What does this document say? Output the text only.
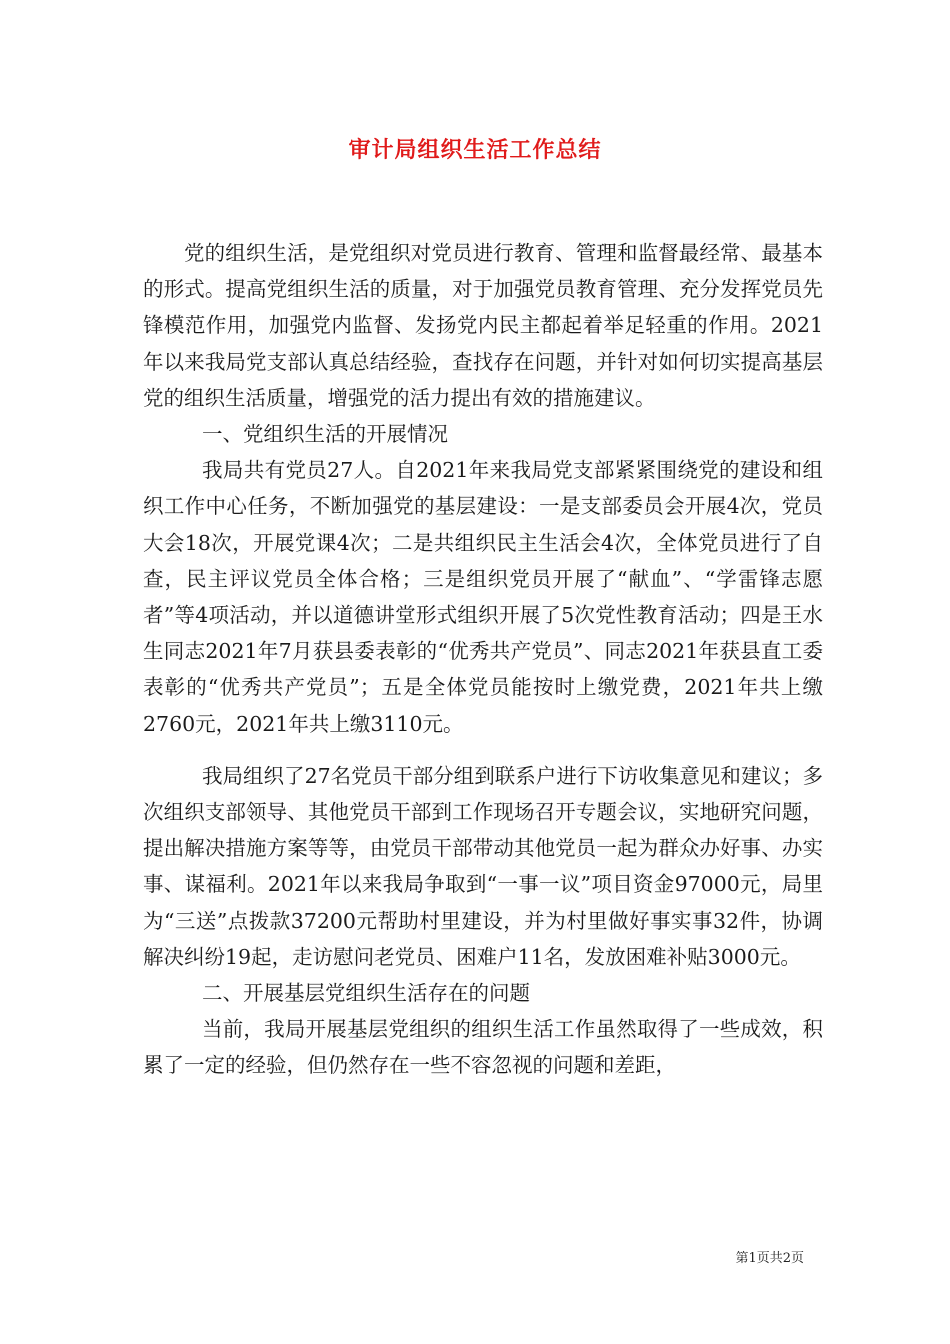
审计局组织生活工作总结

党的组织生活，是党组织对党员进行教育、管理和监督最经常、最基本的形式。提高党组织生活的质量，对于加强党员教育管理、充分发挥党员先锋模范作用，加强党内监督、发扬党内民主都起着举足轻重的作用。2021年以来我局党支部认真总结经验，查找存在问题，并针对如何切实提高基层党的组织生活质量，增强党的活力提出有效的措施建议。

一、党组织生活的开展情况

我局共有党员27人。自2021年来我局党支部紧紧围绕党的建设和组织工作中心任务，不断加强党的基层建设：一是支部委员会开展4次，党员大会18次，开展党课4次；二是共组织民主生活会4次，全体党员进行了自查，民主评议党员全体合格；三是组织党员开展了“献血”、“学雷锋志愿者”等4项活动，并以道德讲堂形式组织开展了5次党性教育活动；四是王水生同志2021年7月获县委表彰的“优秀共产党员”、同志2021年获县直工委表彰的“优秀共产党员”；五是全体党员能按时上缴党费，2021年共上缴2760元，2021年共上缴3110元。

我局组织了27名党员干部分组到联系户进行下访收集意见和建议；多次组织支部领导、其他党员干部到工作现场召开专题会议，实地研究问题，提出解决措施方案等等，由党员干部带动其他党员一起为群众办好事、办实事、谋福利。2021年以来我局争取到“一事一议”项目资金97000元，局里为“三送”点拨款37200元帮助村里建设，并为村里做好事实事32件，协调解决纠纷19起，走访慰问老党员、困难户11名，发放困难补贴3000元。

二、开展基层党组织生活存在的问题

当前，我局开展基层党组织的组织生活工作虽然取得了一些成效，积累了一定的经验，但仍然存在一些不容忽视的问题和差距，

第1页共2页
